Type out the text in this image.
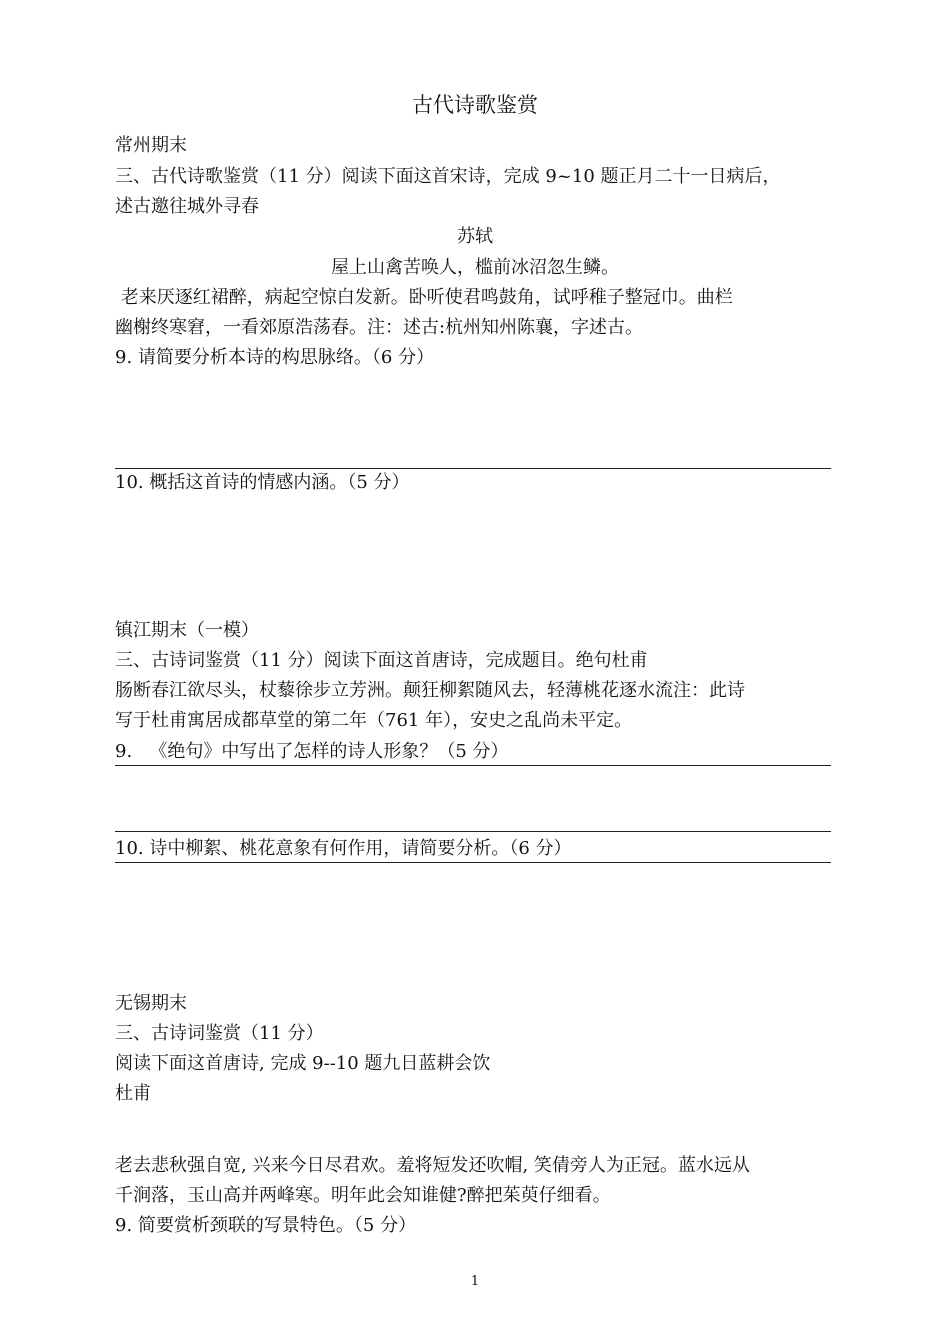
古代诗歌鉴赏
常州期末
三、古代诗歌鉴赏（11 分）阅读下面这首宋诗，完成 9~10 题正月二十一日病后，
述古邀往城外寻春
苏轼
屋上山禽苦唤人，槛前冰沼忽生鳞。
老来厌逐红裙醉，病起空惊白发新。卧听使君鸣鼓角，试呼稚子整冠巾。曲栏
幽榭终寒窘，一看郊原浩荡春。注：述古:杭州知州陈襄，字述古。
9. 请简要分析本诗的构思脉络。（6 分）
10. 概括这首诗的情感内涵。（5 分）
镇江期末（一模）
三、古诗词鉴赏（11 分）阅读下面这首唐诗，完成题目。绝句杜甫
肠断春江欲尽头，杖藜徐步立芳洲。颠狂柳絮随风去，轻薄桃花逐水流注：此诗
写于杜甫寓居成都草堂的第二年（761 年），安史之乱尚未平定。
9.   《绝句》中写出了怎样的诗人形象？（5 分）
10. 诗中柳絮、桃花意象有何作用，请简要分析。（6 分）
无锡期末
三、古诗词鉴赏（11 分）
阅读下面这首唐诗, 完成 9--10 题九日蓝耕会饮
杜甫
老去悲秋强自宽, 兴来今日尽君欢。羞将短发还吹帽, 笑倩旁人为正冠。蓝水远从
千涧落，玉山高并两峰寒。明年此会知谁健?醉把茱萸仔细看。
9. 简要赏析颈联的写景特色。（5 分）
1
